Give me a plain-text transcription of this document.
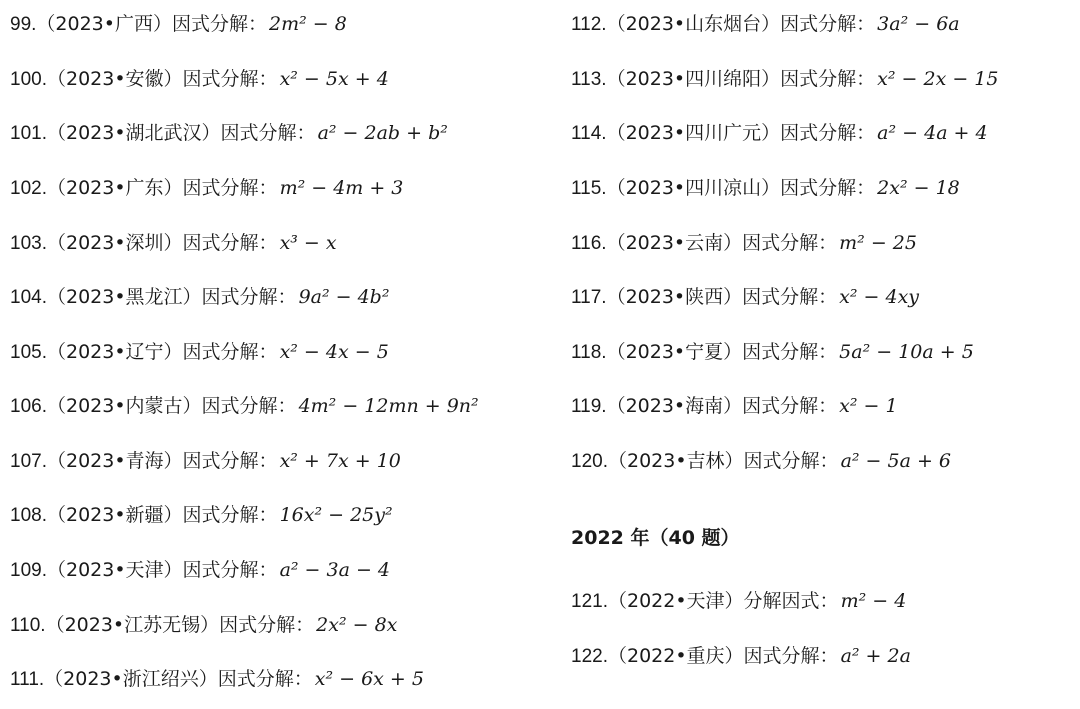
99.（2023•广西）因式分解： 2m² − 8
100.（2023•安徽）因式分解： x² − 5x + 4
101.（2023•湖北武汉）因式分解： a² − 2ab + b²
102.（2023•广东）因式分解： m² − 4m + 3
103.（2023•深圳）因式分解： x³ − x
104.（2023•黑龙江）因式分解： 9a² − 4b²
105.（2023•辽宁）因式分解： x² − 4x − 5
106.（2023•内蒙古）因式分解： 4m² − 12mn + 9n²
107.（2023•青海）因式分解： x² + 7x + 10
108.（2023•新疆）因式分解： 16x² − 25y²
109.（2023•天津）因式分解： a² − 3a − 4
110.（2023•江苏无锡）因式分解： 2x² − 8x
111.（2023•浙江绍兴）因式分解： x² − 6x + 5
112.（2023•山东烟台）因式分解： 3a² − 6a
113.（2023•四川绵阳）因式分解： x² − 2x − 15
114.（2023•四川广元）因式分解： a² − 4a + 4
115.（2023•四川凉山）因式分解： 2x² − 18
116.（2023•云南）因式分解： m² − 25
117.（2023•陕西）因式分解： x² − 4xy
118.（2023•宁夏）因式分解： 5a² − 10a + 5
119.（2023•海南）因式分解： x² − 1
120.（2023•吉林）因式分解： a² − 5a + 6
2022 年（40 题）
121.（2022•天津）分解因式： m² − 4
122.（2022•重庆）因式分解： a² + 2a
